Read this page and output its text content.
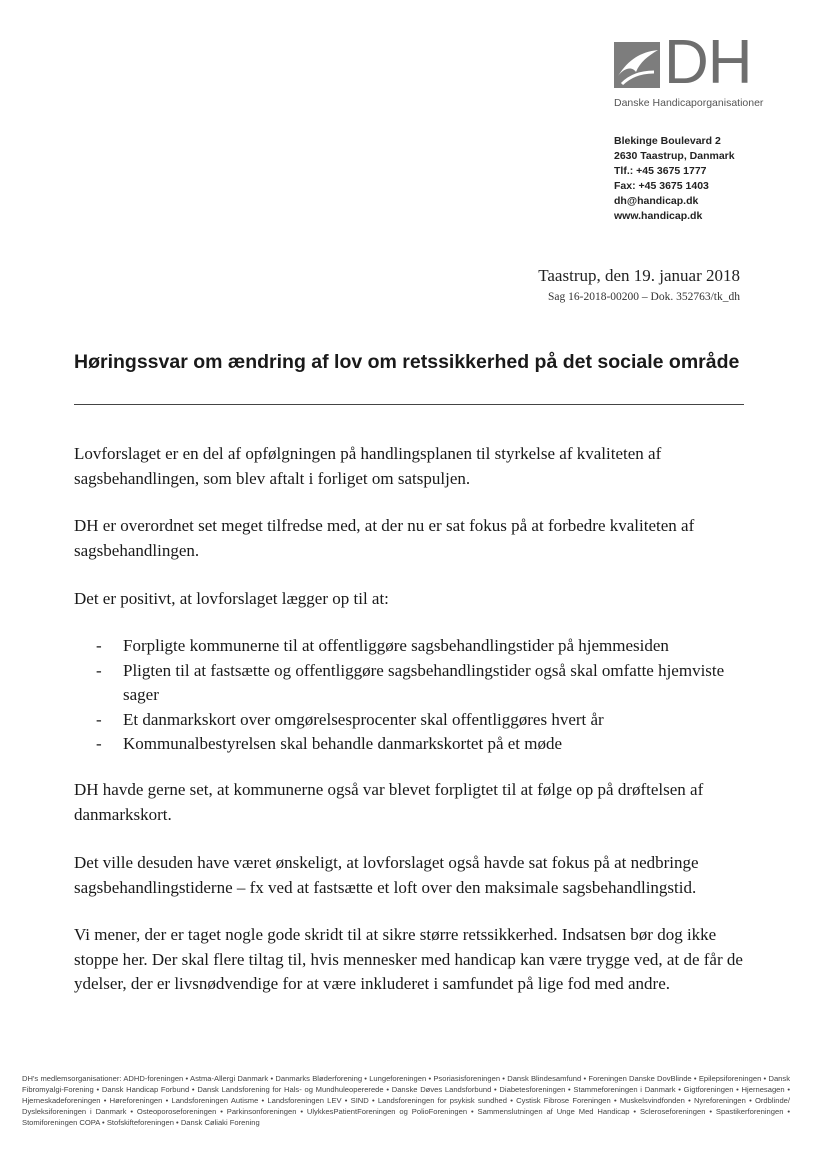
DH
Danske Handicaporganisationer
Blekinge Boulevard 2
2630 Taastrup, Danmark
Tlf.: +45 3675 1777
Fax: +45 3675 1403
dh@handicap.dk
www.handicap.dk
Taastrup, den 19. januar 2018
Sag 16-2018-00200 – Dok. 352763/tk_dh
Høringssvar om ændring af lov om retssikkerhed på det sociale område

Lovforslaget er en del af opfølgningen på handlingsplanen til styrkelse af kvaliteten af sagsbehandlingen, som blev aftalt i forliget om satspuljen.

DH er overordnet set meget tilfredse med, at der nu er sat fokus på at forbedre kvaliteten af sagsbehandlingen.

Det er positivt, at lovforslaget lægger op til at:

- Forpligte kommunerne til at offentliggøre sagsbehandlingstider på hjemmesiden
- Pligten til at fastsætte og offentliggøre sagsbehandlingstider også skal omfatte hjemviste sager
- Et danmarkskort over omgørelsesprocenter skal offentliggøres hvert år
- Kommunalbestyrelsen skal behandle danmarkskortet på et møde

DH havde gerne set, at kommunerne også var blevet forpligtet til at følge op på drøftelsen af danmarkskort.

Det ville desuden have været ønskeligt, at lovforslaget også havde sat fokus på at nedbringe sagsbehandlingstiderne – fx ved at fastsætte et loft over den maksimale sagsbehandlingstid.

Vi mener, der er taget nogle gode skridt til at sikre større retssikkerhed. Indsatsen bør dog ikke stoppe her. Der skal flere tiltag til, hvis mennesker med handicap kan være trygge ved, at de får de ydelser, der er livsnødvendige for at være inkluderet i samfundet på lige fod med andre.

DH's medlemsorganisationer: ADHD-foreningen • Astma-Allergi Danmark • Danmarks Bløderforening • Lungeforeningen • Psoriasisforeningen • Dansk Blindesamfund • Foreningen Danske DovBlinde • Epilepsiforeningen • Dansk Fibromyalgi-Forening • Dansk Handicap Forbund • Dansk Landsforening for Hals- og Mundhuleopererede • Danske Døves Landsforbund • Diabetesforeningen • Stammeforeningen i Danmark • Gigtforeningen • Hjernesagen • Hjerneskadeforeningen • Høreforeningen • Landsforeningen Autisme • Landsforeningen LEV • SIND • Landsforeningen for psykisk sundhed • Cystisk Fibrose Foreningen • Muskelsvindfonden • Nyreforeningen • Ordblinde/ Dysleksiforeningen i Danmark • Osteoporoseforeningen • Parkinsonforeningen • UlykkesPatientForeningen og PolioForeningen • Sammenslutningen af Unge Med Handicap • Scleroseforeningen • Spastikerforeningen • Stomiforeningen COPA • Stofskifteforeningen • Dansk Cøliaki Forening
